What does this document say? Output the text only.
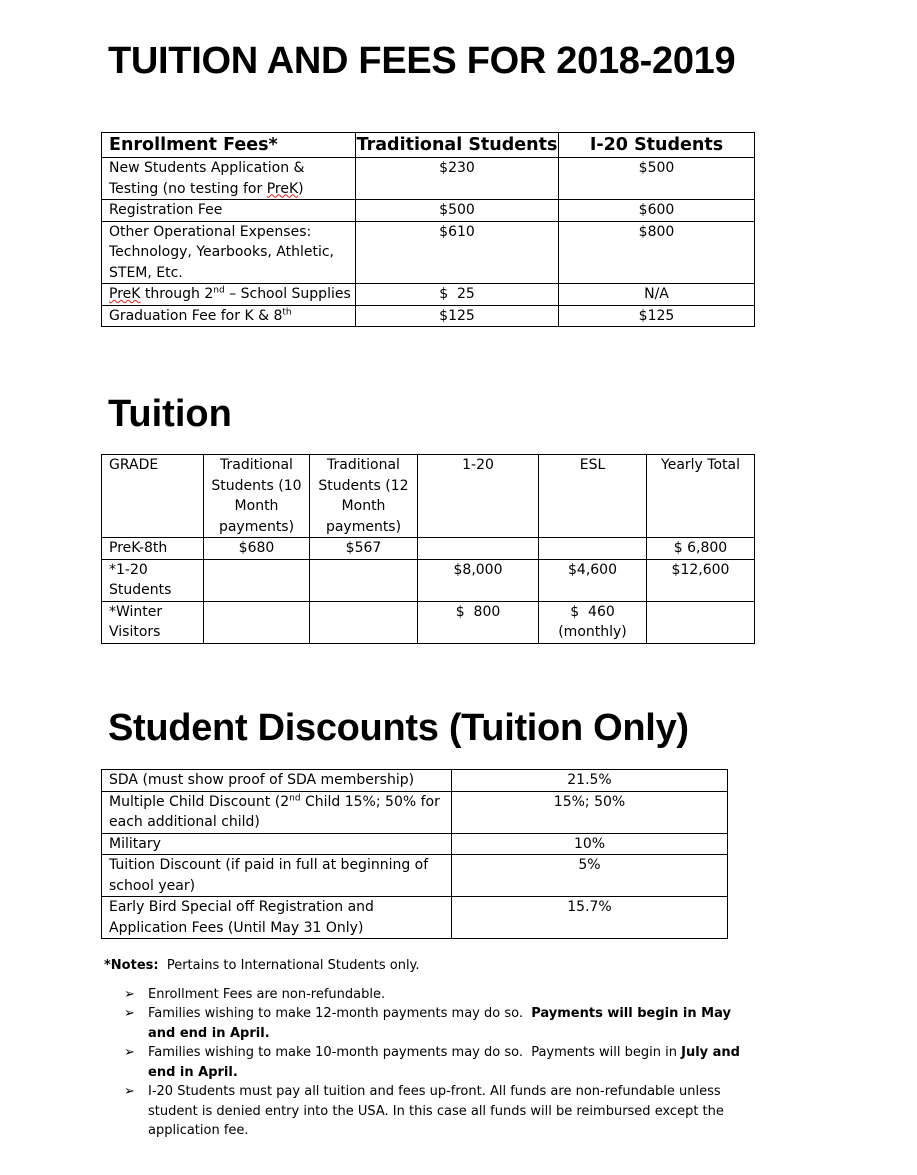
TUITION AND FEES FOR 2018-2019
Enrollment Fees*	Traditional Students	I-20 Students
New Students Application & Testing (no testing for PreK)	$230	$500
Registration Fee	$500	$600
Other Operational Expenses: Technology, Yearbooks, Athletic, STEM, Etc.	$610	$800
PreK through 2nd – School Supplies	$  25	N/A
Graduation Fee for K & 8th	$125	$125
Tuition
GRADE	Traditional Students (10 Month payments)	Traditional Students (12 Month payments)	1-20	ESL	Yearly Total
PreK-8th	$680	$567			$ 6,800
*1-20 Students			$8,000	$4,600	$12,600
*Winter Visitors			$  800	$  460 (monthly)	
Student Discounts (Tuition Only)
SDA (must show proof of SDA membership)	21.5%
Multiple Child Discount (2nd Child 15%; 50% for each additional child)	15%; 50%
Military	10%
Tuition Discount (if paid in full at beginning of school year)	5%
Early Bird Special off Registration and Application Fees (Until May 31 Only)	15.7%

*Notes:  Pertains to International Students only.

➢ Enrollment Fees are non-refundable.
➢ Families wishing to make 12-month payments may do so.  Payments will begin in May and end in April.
➢ Families wishing to make 10-month payments may do so.  Payments will begin in July and end in April.
➢ I-20 Students must pay all tuition and fees up-front. All funds are non-refundable unless student is denied entry into the USA. In this case all funds will be reimbursed except the application fee.
